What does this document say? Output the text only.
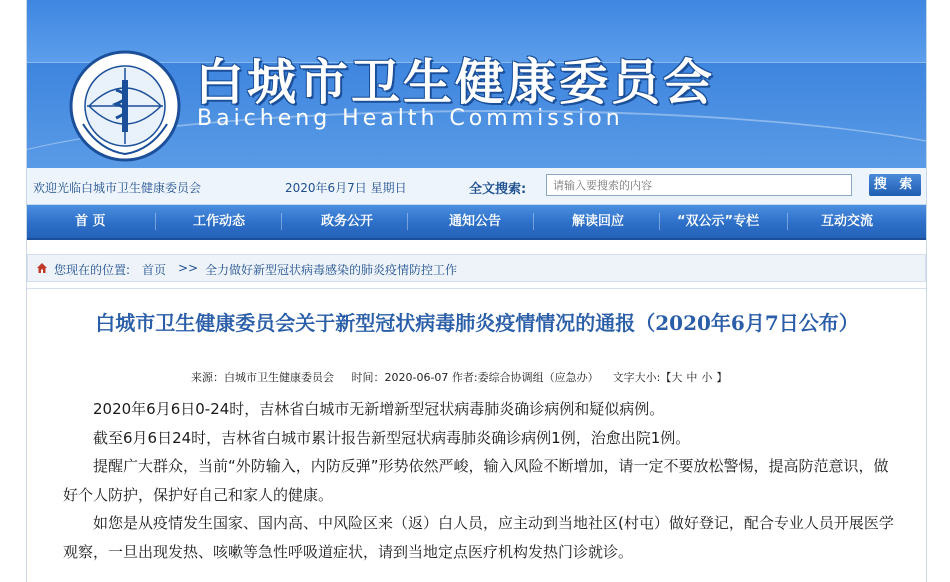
白城市卫生健康委员会
Baicheng Health Commission
欢迎光临白城市卫生健康委员会	2020年6月7日 星期日	全文搜索:
请输入要搜索的内容	搜 索
首 页	工作动态	政务公开	通知公告	解读回应	“双公示”专栏	互动交流
您现在的位置: 首页 >> 全力做好新型冠状病毒感染的肺炎疫情防控工作
白城市卫生健康委员会关于新型冠状病毒肺炎疫情情况的通报（2020年6月7日公布）
来源：白城市卫生健康委员会 时间：2020-06-07 作者:委综合协调组（应急办） 文字大小:【大 中 小 】

2020年6月6日0-24时，吉林省白城市无新增新型冠状病毒肺炎确诊病例和疑似病例。

截至6月6日24时，吉林省白城市累计报告新型冠状病毒肺炎确诊病例1例，治愈出院1例。

提醒广大群众，当前“外防输入，内防反弹”形势依然严峻，输入风险不断增加，请一定不要放松警惕，提高防范意识，做好个人防护，保护好自己和家人的健康。

如您是从疫情发生国家、国内高、中风险区来（返）白人员，应主动到当地社区(村屯）做好登记，配合专业人员开展医学观察，一旦出现发热、咳嗽等急性呼吸道症状，请到当地定点医疗机构发热门诊就诊。
